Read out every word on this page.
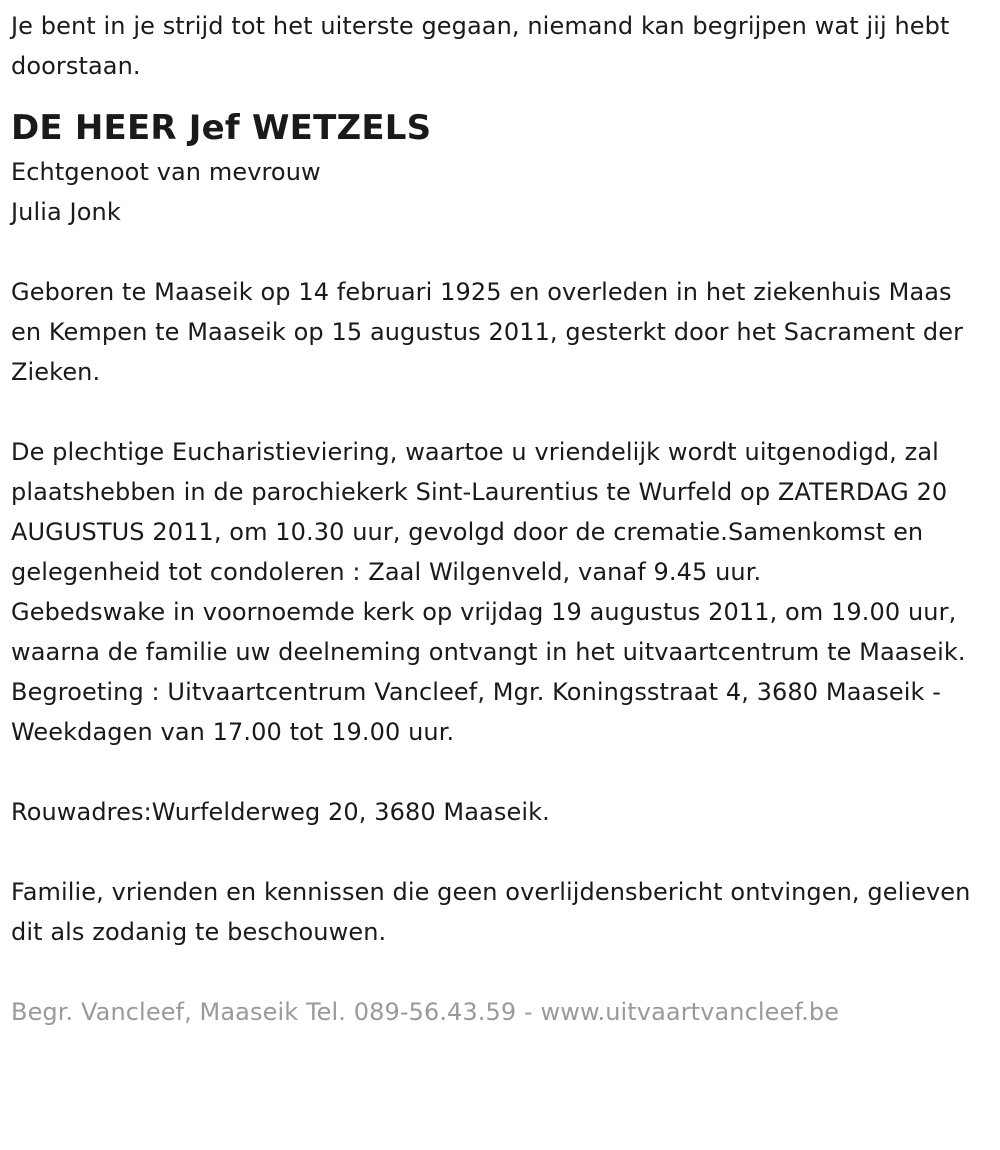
Je bent in je strijd tot het uiterste gegaan, niemand kan begrijpen wat jij hebt doorstaan.

DE HEER Jef WETZELS

Echtgenoot van mevrouw

Julia Jonk

Geboren te Maaseik op 14 februari 1925 en overleden in het ziekenhuis Maas en Kempen te Maaseik op 15 augustus 2011, gesterkt door het Sacrament der Zieken.

De plechtige Eucharistieviering, waartoe u vriendelijk wordt uitgenodigd, zal plaatshebben in de parochiekerk Sint-Laurentius te Wurfeld op ZATERDAG 20 AUGUSTUS 2011, om 10.30 uur, gevolgd door de crematie.Samenkomst en gelegenheid tot condoleren : Zaal Wilgenveld, vanaf 9.45 uur.

Gebedswake in voornoemde kerk op vrijdag 19 augustus 2011, om 19.00 uur, waarna de familie uw deelneming ontvangt in het uitvaartcentrum te Maaseik.

Begroeting : Uitvaartcentrum Vancleef, Mgr. Koningsstraat 4, 3680 Maaseik - Weekdagen van 17.00 tot 19.00 uur.

Rouwadres:Wurfelderweg 20, 3680 Maaseik.

Familie, vrienden en kennissen die geen overlijdensbericht ontvingen, gelieven dit als zodanig te beschouwen.

Begr. Vancleef, Maaseik Tel. 089-56.43.59 - www.uitvaartvancleef.be
